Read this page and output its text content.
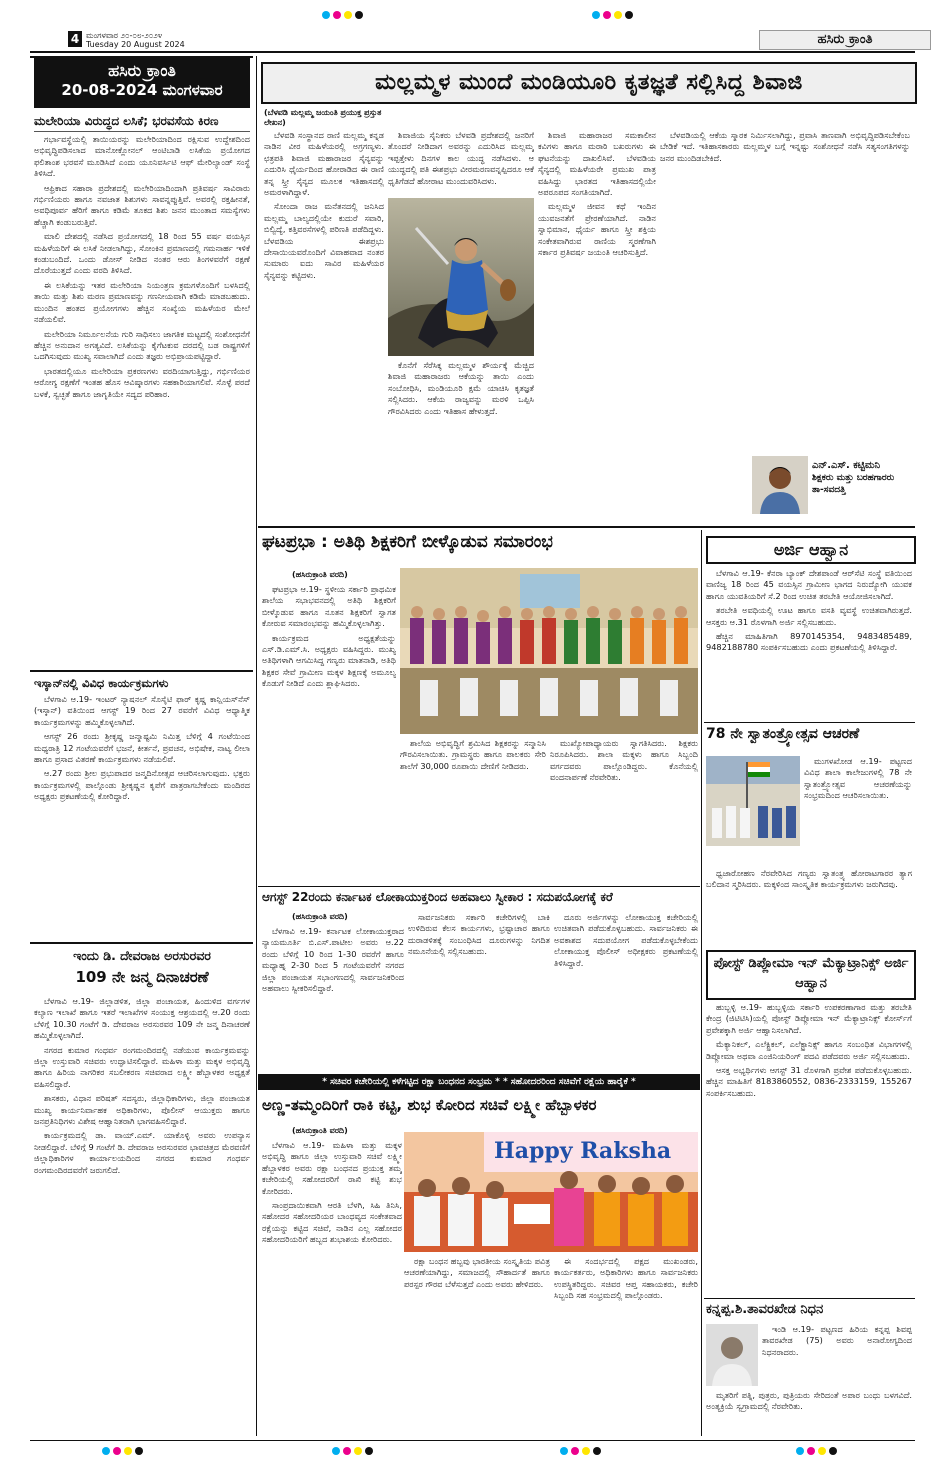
4 ಮಂಗಳವಾರ ೨೦-೦೮-೨೦೨೪
Tuesday 20 August 2024	ಹಸಿರು ಕ್ರಾಂತಿ
ಹಸಿರು ಕ್ರಾಂತಿ
20-08-2024 ಮಂಗಳವಾರ
ಮಲೇರಿಯಾ ವಿರುದ್ಧದ ಲಸಿಕೆ; ಭರವಸೆಯ ಕಿರಣ

ಗರ್ಭಾವಸ್ಥೆಯಲ್ಲಿ ತಾಯಿಯರನ್ನು ಮಲೇರಿಯಾದಿಂದ ರಕ್ಷಿಸುವ ಉದ್ದೇಶದಿಂದ ಅಭಿವೃದ್ಧಿಪಡಿಸಲಾದ ಮಾನೋಕ್ಲೋನಲ್ ಆಂಟಿಬಾಡಿ ಲಸಿಕೆಯ ಪ್ರಯೋಗದ ಫಲಿತಾಂಶ ಭರವಸೆ ಮೂಡಿಸಿದೆ ಎಂದು ಯೂನಿವರ್ಸಿಟಿ ಆಫ್ ಮೇರಿಲ್ಯಾಂಡ್ ಸಂಸ್ಥೆ ತಿಳಿಸಿದೆ.

ಆಫ್ರಿಕಾದ ಸಹಾರಾ ಪ್ರದೇಶದಲ್ಲಿ ಮಲೇರಿಯಾದಿಂದಾಗಿ ಪ್ರತಿವರ್ಷ ಸಾವಿರಾರು ಗರ್ಭಿಣಿಯರು ಹಾಗೂ ನವಜಾತ ಶಿಶುಗಳು ಸಾವನ್ನಪ್ಪುತ್ತಿವೆ. ಅವರಲ್ಲಿ ರಕ್ತಹೀನತೆ, ಅವಧಿಪೂರ್ವ ಹೆರಿಗೆ ಹಾಗೂ ಕಡಿಮೆ ತೂಕದ ಶಿಶು ಜನನ ಮುಂತಾದ ಸಮಸ್ಯೆಗಳು ಹೆಚ್ಚಾಗಿ ಕಂಡುಬರುತ್ತಿವೆ.

ಮಾಲಿ ದೇಶದಲ್ಲಿ ನಡೆಸಿದ ಪ್ರಯೋಗದಲ್ಲಿ 18 ರಿಂದ 55 ವರ್ಷ ವಯಸ್ಸಿನ ಮಹಿಳೆಯರಿಗೆ ಈ ಲಸಿಕೆ ನೀಡಲಾಗಿದ್ದು, ಸೋಂಕಿನ ಪ್ರಮಾಣದಲ್ಲಿ ಗಮನಾರ್ಹ ಇಳಿಕೆ ಕಂಡುಬಂದಿದೆ. ಒಂದು ಡೋಸ್ ನೀಡಿದ ನಂತರ ಆರು ತಿಂಗಳವರೆಗೆ ರಕ್ಷಣೆ ದೊರೆಯುತ್ತದೆ ಎಂದು ವರದಿ ತಿಳಿಸಿದೆ.

ಈ ಲಸಿಕೆಯನ್ನು ಇತರ ಮಲೇರಿಯಾ ನಿಯಂತ್ರಣ ಕ್ರಮಗಳೊಂದಿಗೆ ಬಳಸಿದಲ್ಲಿ ತಾಯಿ ಮತ್ತು ಶಿಶು ಮರಣ ಪ್ರಮಾಣವನ್ನು ಗಣನೀಯವಾಗಿ ಕಡಿಮೆ ಮಾಡಬಹುದು. ಮುಂದಿನ ಹಂತದ ಪ್ರಯೋಗಗಳು ಹೆಚ್ಚಿನ ಸಂಖ್ಯೆಯ ಮಹಿಳೆಯರ ಮೇಲೆ ನಡೆಯಲಿವೆ.

ಮಲೇರಿಯಾ ನಿರ್ಮೂಲನೆಯ ಗುರಿ ಸಾಧಿಸಲು ಜಾಗತಿಕ ಮಟ್ಟದಲ್ಲಿ ಸಂಶೋಧನೆಗೆ ಹೆಚ್ಚಿನ ಅನುದಾನ ಅಗತ್ಯವಿದೆ. ಲಸಿಕೆಯನ್ನು ಕೈಗೆಟಕುವ ದರದಲ್ಲಿ ಬಡ ರಾಷ್ಟ್ರಗಳಿಗೆ ಒದಗಿಸುವುದು ಮುಖ್ಯ ಸವಾಲಾಗಿದೆ ಎಂದು ತಜ್ಞರು ಅಭಿಪ್ರಾಯಪಟ್ಟಿದ್ದಾರೆ.

ಭಾರತದಲ್ಲಿಯೂ ಮಲೇರಿಯಾ ಪ್ರಕರಣಗಳು ವರದಿಯಾಗುತ್ತಿದ್ದು, ಗರ್ಭಿಣಿಯರ ಆರೋಗ್ಯ ರಕ್ಷಣೆಗೆ ಇಂತಹ ಹೊಸ ಆವಿಷ್ಕಾರಗಳು ಸಹಕಾರಿಯಾಗಲಿವೆ. ಸೊಳ್ಳೆ ಪರದೆ ಬಳಕೆ, ಸ್ವಚ್ಛತೆ ಹಾಗೂ ಜಾಗೃತಿಯೇ ಸದ್ಯದ ಪರಿಹಾರ.

ಇಸ್ಕಾನ್‌ನಲ್ಲಿ ವಿವಿಧ ಕಾರ್ಯಕ್ರಮಗಳು

ಬೆಳಗಾವಿ ಆ.19- ಇಂಟರ್ ನ್ಯಾಷನಲ್ ಸೊಸೈಟಿ ಫಾರ್ ಕೃಷ್ಣ ಕಾನ್ಷಿಯಸ್‌ನೆಸ್ (ಇಸ್ಕಾನ್) ವತಿಯಿಂದ ಆಗಸ್ಟ್ 19 ರಿಂದ 27 ರವರೆಗೆ ವಿವಿಧ ಆಧ್ಯಾತ್ಮಿಕ ಕಾರ್ಯಕ್ರಮಗಳನ್ನು ಹಮ್ಮಿಕೊಳ್ಳಲಾಗಿದೆ.

ಆಗಸ್ಟ್ 26 ರಂದು ಶ್ರೀಕೃಷ್ಣ ಜನ್ಮಾಷ್ಟಮಿ ನಿಮಿತ್ತ ಬೆಳಿಗ್ಗೆ 4 ಗಂಟೆಯಿಂದ ಮಧ್ಯರಾತ್ರಿ 12 ಗಂಟೆಯವರೆಗೆ ಭಜನೆ, ಕೀರ್ತನೆ, ಪ್ರವಚನ, ಅಭಿಷೇಕ, ನಾಟ್ಯ ಲೀಲಾ ಹಾಗೂ ಪ್ರಸಾದ ವಿತರಣೆ ಕಾರ್ಯಕ್ರಮಗಳು ನಡೆಯಲಿವೆ.

ಆ.27 ರಂದು ಶ್ರೀಲ ಪ್ರಭುಪಾದರ ಜನ್ಮದಿನೋತ್ಸವ ಆಚರಿಸಲಾಗುವುದು. ಭಕ್ತರು ಕಾರ್ಯಕ್ರಮಗಳಲ್ಲಿ ಪಾಲ್ಗೊಂಡು ಶ್ರೀಕೃಷ್ಣನ ಕೃಪೆಗೆ ಪಾತ್ರರಾಗಬೇಕೆಂದು ಮಂದಿರದ ಅಧ್ಯಕ್ಷರು ಪ್ರಕಟಣೆಯಲ್ಲಿ ಕೋರಿದ್ದಾರೆ.

ಇಂದು ಡಿ. ದೇವರಾಜ ಅರಸುರವರ
109 ನೇ ಜನ್ಮ ದಿನಾಚರಣೆ

ಬೆಳಗಾವಿ ಆ.19- ಜಿಲ್ಲಾಡಳಿತ, ಜಿಲ್ಲಾ ಪಂಚಾಯತ, ಹಿಂದುಳಿದ ವರ್ಗಗಳ ಕಲ್ಯಾಣ ಇಲಾಖೆ ಹಾಗೂ ಇತರೆ ಇಲಾಖೆಗಳ ಸಂಯುಕ್ತ ಆಶ್ರಯದಲ್ಲಿ ಆ.20 ರಂದು ಬೆಳಿಗ್ಗೆ 10.30 ಗಂಟೆಗೆ ಡಿ. ದೇವರಾಜ ಅರಸುರವರ 109 ನೇ ಜನ್ಮ ದಿನಾಚರಣೆ ಹಮ್ಮಿಕೊಳ್ಳಲಾಗಿದೆ.

ನಗರದ ಕುಮಾರ ಗಂಧರ್ವ ರಂಗಮಂದಿರದಲ್ಲಿ ನಡೆಯುವ ಕಾರ್ಯಕ್ರಮವನ್ನು ಜಿಲ್ಲಾ ಉಸ್ತುವಾರಿ ಸಚಿವರು ಉದ್ಘಾಟಿಸಲಿದ್ದಾರೆ. ಮಹಿಳಾ ಮತ್ತು ಮಕ್ಕಳ ಅಭಿವೃದ್ಧಿ ಹಾಗೂ ಹಿರಿಯ ನಾಗರಿಕರ ಸಬಲೀಕರಣ ಸಚಿವರಾದ ಲಕ್ಷ್ಮೀ ಹೆಬ್ಬಾಳಕರ ಅಧ್ಯಕ್ಷತೆ ವಹಿಸಲಿದ್ದಾರೆ.

ಶಾಸಕರು, ವಿಧಾನ ಪರಿಷತ್ ಸದಸ್ಯರು, ಜಿಲ್ಲಾಧಿಕಾರಿಗಳು, ಜಿಲ್ಲಾ ಪಂಚಾಯತ ಮುಖ್ಯ ಕಾರ್ಯನಿರ್ವಾಹಕ ಅಧಿಕಾರಿಗಳು, ಪೊಲೀಸ್ ಆಯುಕ್ತರು ಹಾಗೂ ಜನಪ್ರತಿನಿಧಿಗಳು ವಿಶೇಷ ಆಹ್ವಾನಿತರಾಗಿ ಭಾಗವಹಿಸಲಿದ್ದಾರೆ.

ಕಾರ್ಯಕ್ರಮದಲ್ಲಿ ಡಾ. ವಾಯ್.ಎಮ್. ಯಾಕೊಳ್ಳಿ ಅವರು ಉಪನ್ಯಾಸ ನೀಡಲಿದ್ದಾರೆ. ಬೆಳಿಗ್ಗೆ 9 ಗಂಟೆಗೆ ಡಿ. ದೇವರಾಜ ಅರಸುರವರ ಭಾವಚಿತ್ರದ ಮೆರವಣಿಗೆ ಜಿಲ್ಲಾಧಿಕಾರಿಗಳ ಕಾರ್ಯಾಲಯದಿಂದ ನಗರದ ಕುಮಾರ ಗಂಧರ್ವ ರಂಗಮಂದಿರದವರೆಗೆ ಜರುಗಲಿದೆ.

ಮಲ್ಲಮ್ಮಳ ಮುಂದೆ ಮಂಡಿಯೂರಿ ಕೃತಜ್ಞತೆ ಸಲ್ಲಿಸಿದ್ದ ಶಿವಾಜಿ
(ಬೆಳವಡಿ ಮಲ್ಲಮ್ಮ ಜಯಂತಿ ಪ್ರಯುಕ್ತ ಪ್ರಸ್ತುತ ಲೇಖನ)

ಬೆಳವಡಿ ಸಂಸ್ಥಾನದ ರಾಣಿ ಮಲ್ಲಮ್ಮ ಕನ್ನಡ ನಾಡಿನ ವೀರ ಮಹಿಳೆಯರಲ್ಲಿ ಅಗ್ರಗಣ್ಯಳು. ಛತ್ರಪತಿ ಶಿವಾಜಿ ಮಹಾರಾಜರ ಸೈನ್ಯವನ್ನು ಎದುರಿಸಿ ಧೈರ್ಯದಿಂದ ಹೋರಾಡಿದ ಈ ರಾಣಿ ತನ್ನ ಸ್ತ್ರೀ ಸೈನ್ಯದ ಮೂಲಕ ಇತಿಹಾಸದಲ್ಲಿ ಅಮರಳಾಗಿದ್ದಾಳೆ.

ಸೋಂದಾ ರಾಜ ಮನೆತನದಲ್ಲಿ ಜನಿಸಿದ ಮಲ್ಲಮ್ಮ ಬಾಲ್ಯದಲ್ಲಿಯೇ ಕುದುರೆ ಸವಾರಿ, ಬಿಲ್ವಿದ್ಯೆ, ಕತ್ತಿವರಸೆಗಳಲ್ಲಿ ಪರಿಣತಿ ಪಡೆದಿದ್ದಳು. ಬೆಳವಡಿಯ ಈಶಪ್ರಭು ದೇಸಾಯಿಯವರೊಂದಿಗೆ ವಿವಾಹವಾದ ನಂತರ ಸುಮಾರು ಐದು ಸಾವಿರ ಮಹಿಳೆಯರ ಸೈನ್ಯವನ್ನು ಕಟ್ಟಿದಳು.

ಶಿವಾಜಿಯ ಸೈನಿಕರು ಬೆಳವಡಿ ಪ್ರದೇಶದಲ್ಲಿ ಜನರಿಗೆ ತೊಂದರೆ ನೀಡಿದಾಗ ಅವರನ್ನು ಎದುರಿಸಿದ ಮಲ್ಲಮ್ಮ ಇಪ್ಪತ್ತೇಳು ದಿನಗಳ ಕಾಲ ಯುದ್ಧ ನಡೆಸಿದಳು. ಆ ಯುದ್ಧದಲ್ಲಿ ಪತಿ ಈಶಪ್ರಭು ವೀರಮರಣವನ್ನಪ್ಪಿದರೂ ಆಕೆ ಧೃತಿಗೆಡದೆ ಹೋರಾಟ ಮುಂದುವರಿಸಿದಳು.

ಕೊನೆಗೆ ಸೆರೆಸಿಕ್ಕ ಮಲ್ಲಮ್ಮಳ ಶೌರ್ಯಕ್ಕೆ ಮೆಚ್ಚಿದ ಶಿವಾಜಿ ಮಹಾರಾಜರು ಆಕೆಯನ್ನು ತಾಯಿ ಎಂದು ಸಂಬೋಧಿಸಿ, ಮಂಡಿಯೂರಿ ಕ್ಷಮೆ ಯಾಚಿಸಿ ಕೃತಜ್ಞತೆ ಸಲ್ಲಿಸಿದರು. ಆಕೆಯ ರಾಜ್ಯವನ್ನು ಮರಳಿ ಒಪ್ಪಿಸಿ ಗೌರವಿಸಿದರು ಎಂದು ಇತಿಹಾಸ ಹೇಳುತ್ತದೆ.

ಶಿವಾಜಿ ಮಹಾರಾಜರ ಸಮಕಾಲೀನ ಕವಿಗಳು ಹಾಗೂ ಮರಾಠಿ ಬಖರುಗಳು ಈ ಘಟನೆಯನ್ನು ದಾಖಲಿಸಿವೆ. ಬೆಳವಡಿಯ ಸೈನ್ಯದಲ್ಲಿ ಮಹಿಳೆಯರೇ ಪ್ರಮುಖ ಪಾತ್ರ ವಹಿಸಿದ್ದು ಭಾರತದ ಇತಿಹಾಸದಲ್ಲಿಯೇ ಅಪರೂಪದ ಸಂಗತಿಯಾಗಿದೆ.

ಮಲ್ಲಮ್ಮಳ ಜೀವನ ಕಥೆ ಇಂದಿನ ಯುವಜನತೆಗೆ ಪ್ರೇರಣೆಯಾಗಿದೆ. ನಾಡಿನ ಸ್ವಾಭಿಮಾನ, ಧೈರ್ಯ ಹಾಗೂ ಸ್ತ್ರೀ ಶಕ್ತಿಯ ಸಂಕೇತವಾಗಿರುವ ರಾಣಿಯ ಸ್ಮರಣೆಗಾಗಿ ಸರ್ಕಾರ ಪ್ರತಿವರ್ಷ ಜಯಂತಿ ಆಚರಿಸುತ್ತಿದೆ.

ಬೆಳವಡಿಯಲ್ಲಿ ಆಕೆಯ ಸ್ಮಾರಕ ನಿರ್ಮಿಸಲಾಗಿದ್ದು, ಪ್ರವಾಸಿ ತಾಣವಾಗಿ ಅಭಿವೃದ್ಧಿಪಡಿಸಬೇಕೆಂಬ ಬೇಡಿಕೆ ಇದೆ. ಇತಿಹಾಸಕಾರರು ಮಲ್ಲಮ್ಮಳ ಬಗ್ಗೆ ಇನ್ನಷ್ಟು ಸಂಶೋಧನೆ ನಡೆಸಿ ಸತ್ಯಸಂಗತಿಗಳನ್ನು ಜನರ ಮುಂದಿಡಬೇಕಿದೆ.

ಎನ್.ಎಸ್. ಕಟ್ಟಿಮನಿ
ಶಿಕ್ಷಕರು ಮತ್ತು ಬರಹಗಾರರು
ತಾ-ಸವದತ್ತಿ
ಘಟಪ್ರಭಾ : ಅತಿಥಿ ಶಿಕ್ಷಕರಿಗೆ ಬೀಳ್ಕೊಡುವ ಸಮಾರಂಭ
(ಹಸಿರುಕ್ರಾಂತಿ ವರದಿ)

ಘಟಪ್ರಭಾ ಆ.19- ಸ್ಥಳೀಯ ಸರ್ಕಾರಿ ಪ್ರಾಥಮಿಕ ಶಾಲೆಯ ಸಭಾಭವನದಲ್ಲಿ ಅತಿಥಿ ಶಿಕ್ಷಕರಿಗೆ ಬೀಳ್ಕೊಡುವ ಹಾಗೂ ನೂತನ ಶಿಕ್ಷಕರಿಗೆ ಸ್ವಾಗತ ಕೋರುವ ಸಮಾರಂಭವನ್ನು ಹಮ್ಮಿಕೊಳ್ಳಲಾಗಿತ್ತು.

ಕಾರ್ಯಕ್ರಮದ ಅಧ್ಯಕ್ಷತೆಯನ್ನು ಎಸ್.ಡಿ.ಎಮ್.ಸಿ. ಅಧ್ಯಕ್ಷರು ವಹಿಸಿದ್ದರು. ಮುಖ್ಯ ಅತಿಥಿಗಳಾಗಿ ಆಗಮಿಸಿದ್ದ ಗಣ್ಯರು ಮಾತನಾಡಿ, ಅತಿಥಿ ಶಿಕ್ಷಕರ ಸೇವೆ ಗ್ರಾಮೀಣ ಮಕ್ಕಳ ಶಿಕ್ಷಣಕ್ಕೆ ಅಮೂಲ್ಯ ಕೊಡುಗೆ ನೀಡಿದೆ ಎಂದು ಶ್ಲಾಘಿಸಿದರು.

ಶಾಲೆಯ ಅಭಿವೃದ್ಧಿಗೆ ಶ್ರಮಿಸಿದ ಶಿಕ್ಷಕರನ್ನು ಸನ್ಮಾನಿಸಿ ಗೌರವಿಸಲಾಯಿತು. ಗ್ರಾಮಸ್ಥರು ಹಾಗೂ ಪಾಲಕರು ಸೇರಿ ಶಾಲೆಗೆ 30,000 ರೂಪಾಯಿ ದೇಣಿಗೆ ನೀಡಿದರು.

ಮುಖ್ಯೋಪಾಧ್ಯಾಯರು ಸ್ವಾಗತಿಸಿದರು. ಶಿಕ್ಷಕರು ನಿರೂಪಿಸಿದರು. ಶಾಲಾ ಮಕ್ಕಳು ಹಾಗೂ ಸಿಬ್ಬಂದಿ ವರ್ಗದವರು ಪಾಲ್ಗೊಂಡಿದ್ದರು. ಕೊನೆಯಲ್ಲಿ ವಂದನಾರ್ಪಣೆ ನೆರವೇರಿತು.

ಆಗಸ್ಟ್ 22ರಂದು ಕರ್ನಾಟಕ ಲೋಕಾಯುಕ್ತರಿಂದ ಅಹವಾಲು ಸ್ವೀಕಾರ : ಸದುಪಯೋಗಕ್ಕೆ ಕರೆ
(ಹಸಿರುಕ್ರಾಂತಿ ವರದಿ)

ಬೆಳಗಾವಿ ಆ.19- ಕರ್ನಾಟಕ ಲೋಕಾಯುಕ್ತರಾದ ನ್ಯಾಯಮೂರ್ತಿ ಬಿ.ಎಸ್.ಪಾಟೀಲ ಅವರು ಆ.22 ರಂದು ಬೆಳಿಗ್ಗೆ 10 ರಿಂದ 1-30 ರವರೆಗೆ ಹಾಗೂ ಮಧ್ಯಾಹ್ನ 2-30 ರಿಂದ 5 ಗಂಟೆಯವರೆಗೆ ನಗರದ ಜಿಲ್ಲಾ ಪಂಚಾಯತ ಸಭಾಂಗಣದಲ್ಲಿ ಸಾರ್ವಜನಿಕರಿಂದ ಅಹವಾಲು ಸ್ವೀಕರಿಸಲಿದ್ದಾರೆ.

ಸಾರ್ವಜನಿಕರು ಸರ್ಕಾರಿ ಕಚೇರಿಗಳಲ್ಲಿ ಬಾಕಿ ಉಳಿದಿರುವ ಕೆಲಸ ಕಾರ್ಯಗಳು, ಭ್ರಷ್ಟಾಚಾರ ಹಾಗೂ ದುರಾಡಳಿತಕ್ಕೆ ಸಂಬಂಧಿಸಿದ ದೂರುಗಳನ್ನು ನಿಗದಿತ ನಮೂನೆಯಲ್ಲಿ ಸಲ್ಲಿಸಬಹುದು.

ದೂರು ಅರ್ಜಿಗಳನ್ನು ಲೋಕಾಯುಕ್ತ ಕಚೇರಿಯಲ್ಲಿ ಉಚಿತವಾಗಿ ಪಡೆದುಕೊಳ್ಳಬಹುದು. ಸಾರ್ವಜನಿಕರು ಈ ಅವಕಾಶದ ಸದುಪಯೋಗ ಪಡೆದುಕೊಳ್ಳಬೇಕೆಂದು ಲೋಕಾಯುಕ್ತ ಪೊಲೀಸ್ ಅಧೀಕ್ಷಕರು ಪ್ರಕಟಣೆಯಲ್ಲಿ ತಿಳಿಸಿದ್ದಾರೆ.

* ಸಚಿವರ ಕಚೇರಿಯಲ್ಲಿ ಕಳೆಗಟ್ಟಿದ ರಕ್ಷಾ ಬಂಧನದ ಸಂಭ್ರಮ * * ಸಹೋದರರಿಂದ ಸಚಿವೆಗೆ ರಕ್ಷೆಯ ಹಾರೈಕೆ *
ಅಣ್ಣ-ತಮ್ಮಂದಿರಿಗೆ ರಾಕಿ ಕಟ್ಟಿ, ಶುಭ ಕೋರಿದ ಸಚಿವೆ ಲಕ್ಷ್ಮೀ ಹೆಬ್ಬಾಳಕರ
(ಹಸಿರುಕ್ರಾಂತಿ ವರದಿ)

ಬೆಳಗಾವಿ ಆ.19- ಮಹಿಳಾ ಮತ್ತು ಮಕ್ಕಳ ಅಭಿವೃದ್ಧಿ ಹಾಗೂ ಜಿಲ್ಲಾ ಉಸ್ತುವಾರಿ ಸಚಿವೆ ಲಕ್ಷ್ಮೀ ಹೆಬ್ಬಾಳಕರ ಅವರು ರಕ್ಷಾ ಬಂಧನದ ಪ್ರಯುಕ್ತ ತಮ್ಮ ಕಚೇರಿಯಲ್ಲಿ ಸಹೋದರರಿಗೆ ರಾಖಿ ಕಟ್ಟಿ ಶುಭ ಕೋರಿದರು.

ಸಾಂಪ್ರದಾಯಿಕವಾಗಿ ಆರತಿ ಬೆಳಗಿ, ಸಿಹಿ ತಿನಿಸಿ, ಸಹೋದರ ಸಹೋದರಿಯರ ಬಾಂಧವ್ಯದ ಸಂಕೇತವಾದ ರಕ್ಷೆಯನ್ನು ಕಟ್ಟಿದ ಸಚಿವೆ, ನಾಡಿನ ಎಲ್ಲ ಸಹೋದರ ಸಹೋದರಿಯರಿಗೆ ಹಬ್ಬದ ಶುಭಾಶಯ ಕೋರಿದರು.

Happy Raksha

ರಕ್ಷಾ ಬಂಧನ ಹಬ್ಬವು ಭಾರತೀಯ ಸಂಸ್ಕೃತಿಯ ಪವಿತ್ರ ಆಚರಣೆಯಾಗಿದ್ದು, ಸಮಾಜದಲ್ಲಿ ಸೌಹಾರ್ದತೆ ಹಾಗೂ ಪರಸ್ಪರ ಗೌರವ ಬೆಳೆಸುತ್ತದೆ ಎಂದು ಅವರು ಹೇಳಿದರು.

ಈ ಸಂದರ್ಭದಲ್ಲಿ ಪಕ್ಷದ ಮುಖಂಡರು, ಕಾರ್ಯಕರ್ತರು, ಅಧಿಕಾರಿಗಳು ಹಾಗೂ ಸಾರ್ವಜನಿಕರು ಉಪಸ್ಥಿತರಿದ್ದರು. ಸಚಿವರ ಆಪ್ತ ಸಹಾಯಕರು, ಕಚೇರಿ ಸಿಬ್ಬಂದಿ ಸಹ ಸಂಭ್ರಮದಲ್ಲಿ ಪಾಲ್ಗೊಂಡರು.

ಅರ್ಜಿ ಆಹ್ವಾನ

ಬೆಳಗಾವಿ ಆ.19- ಕೆನರಾ ಬ್ಯಾಂಕ್ ದೇಶಪಾಂಡೆ ಆರ್‌ಸೆಟಿ ಸಂಸ್ಥೆ ವತಿಯಿಂದ ವಾಣಿಜ್ಯ 18 ರಿಂದ 45 ವಯಸ್ಸಿನ ಗ್ರಾಮೀಣ ಭಾಗದ ನಿರುದ್ಯೋಗಿ ಯುವಕ ಹಾಗೂ ಯುವತಿಯರಿಗೆ ಸೆ.2 ರಿಂದ ಉಚಿತ ತರಬೇತಿ ಆಯೋಜಿಸಲಾಗಿದೆ.

ತರಬೇತಿ ಅವಧಿಯಲ್ಲಿ ಊಟ ಹಾಗೂ ವಸತಿ ವ್ಯವಸ್ಥೆ ಉಚಿತವಾಗಿರುತ್ತದೆ. ಆಸಕ್ತರು ಆ.31 ರೊಳಗಾಗಿ ಅರ್ಜಿ ಸಲ್ಲಿಸಬಹುದು.

ಹೆಚ್ಚಿನ ಮಾಹಿತಿಗಾಗಿ 8970145354, 9483485489, 9482188780 ಸಂಪರ್ಕಿಸಬಹುದು ಎಂದು ಪ್ರಕಟಣೆಯಲ್ಲಿ ತಿಳಿಸಿದ್ದಾರೆ.

78 ನೇ ಸ್ವಾತಂತ್ರ್ಯೋತ್ಸವ ಆಚರಣೆ

ಮುಗಳಖೋಡ ಆ.19- ಪಟ್ಟಣದ ವಿವಿಧ ಶಾಲಾ ಕಾಲೇಜುಗಳಲ್ಲಿ 78 ನೇ ಸ್ವಾತಂತ್ರ್ಯೋತ್ಸವ ಆಚರಣೆಯನ್ನು ಸಂಭ್ರಮದಿಂದ ಆಚರಿಸಲಾಯಿತು.

ಧ್ವಜಾರೋಹಣ ನೆರವೇರಿಸಿದ ಗಣ್ಯರು ಸ್ವಾತಂತ್ರ್ಯ ಹೋರಾಟಗಾರರ ತ್ಯಾಗ ಬಲಿದಾನ ಸ್ಮರಿಸಿದರು. ಮಕ್ಕಳಿಂದ ಸಾಂಸ್ಕೃತಿಕ ಕಾರ್ಯಕ್ರಮಗಳು ಜರುಗಿದವು.

ಪೋಸ್ಟ್ ಡಿಪ್ಲೋಮಾ ಇನ್ ಮೆಕ್ಯಾಟ್ರಾನಿಕ್ಸ್ ಅರ್ಜಿ ಆಹ್ವಾನ

ಹುಬ್ಬಳ್ಳಿ ಆ.19- ಹುಬ್ಬಳ್ಳಿಯ ಸರ್ಕಾರಿ ಉಪಕರಣಾಗಾರ ಮತ್ತು ತರಬೇತಿ ಕೇಂದ್ರ (ಜಿಟಿಟಿಸಿ)ಯಲ್ಲಿ ಪೋಸ್ಟ್ ಡಿಪ್ಲೋಮಾ ಇನ್ ಮೆಕ್ಯಾಟ್ರಾನಿಕ್ಸ್ ಕೋರ್ಸ್‌ಗೆ ಪ್ರವೇಶಕ್ಕಾಗಿ ಅರ್ಜಿ ಆಹ್ವಾನಿಸಲಾಗಿದೆ.

ಮೆಕ್ಯಾನಿಕಲ್, ಎಲೆಕ್ಟ್ರಿಕಲ್, ಎಲೆಕ್ಟ್ರಾನಿಕ್ಸ್ ಹಾಗೂ ಸಂಬಂಧಿತ ವಿಭಾಗಗಳಲ್ಲಿ ಡಿಪ್ಲೋಮಾ ಅಥವಾ ಎಂಜಿನಿಯರಿಂಗ್ ಪದವಿ ಪಡೆದವರು ಅರ್ಜಿ ಸಲ್ಲಿಸಬಹುದು.

ಆಸಕ್ತ ಅಭ್ಯರ್ಥಿಗಳು ಆಗಸ್ಟ್ 31 ರೊಳಗಾಗಿ ಪ್ರವೇಶ ಪಡೆದುಕೊಳ್ಳಬಹುದು. ಹೆಚ್ಚಿನ ಮಾಹಿತಿಗೆ 8183860552, 0836-2333159, 155267 ಸಂಪರ್ಕಿಸಬಹುದು.

ಕನ್ನಪ್ಪ.ಶಿ.ತಾವರಖೇಡ ನಿಧನ

ಇಂಡಿ ಆ.19- ಪಟ್ಟಣದ ಹಿರಿಯ ಕನ್ನಪ್ಪ ಶಿವಪ್ಪ ತಾವರಖೇಡ (75) ಅವರು ಅನಾರೋಗ್ಯದಿಂದ ನಿಧನರಾದರು.

ಮೃತರಿಗೆ ಪತ್ನಿ, ಪುತ್ರರು, ಪುತ್ರಿಯರು ಸೇರಿದಂತೆ ಅಪಾರ ಬಂಧು ಬಳಗವಿದೆ. ಅಂತ್ಯಕ್ರಿಯೆ ಸ್ವಗ್ರಾಮದಲ್ಲಿ ನೆರವೇರಿತು.
